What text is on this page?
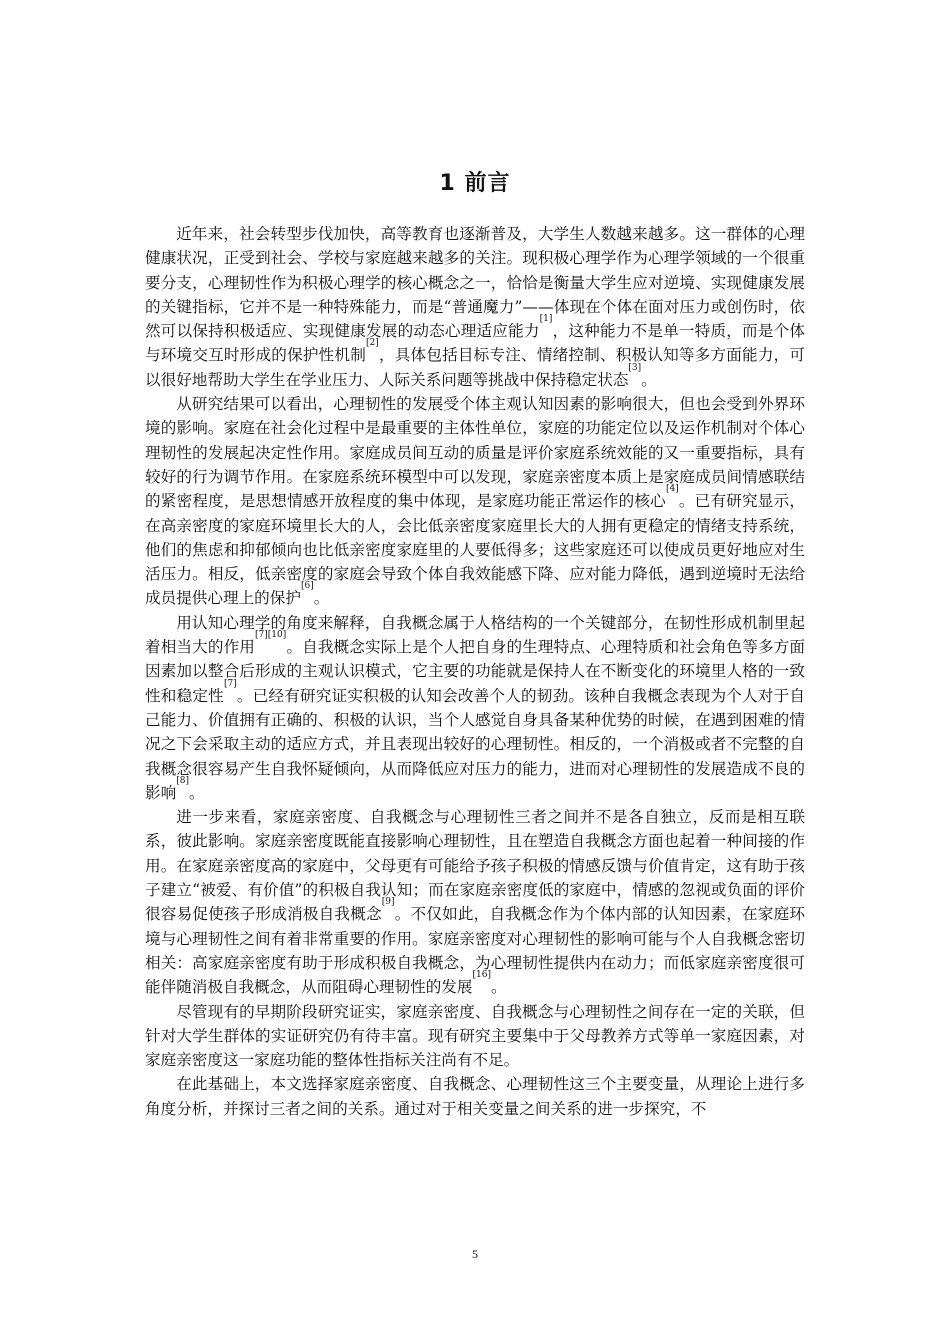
1 前言

近年来，社会转型步伐加快，高等教育也逐渐普及，大学生人数越来越多。这一群体的心理健康状况，正受到社会、学校与家庭越来越多的关注。现积极心理学作为心理学领域的一个很重要分支，心理韧性作为积极心理学的核心概念之一，恰恰是衡量大学生应对逆境、实现健康发展的关键指标，它并不是一种特殊能力，而是“普通魔力”——体现在个体在面对压力或创伤时，依然可以保持积极适应、实现健康发展的动态心理适应能力[1]，这种能力不是单一特质，而是个体与环境交互时形成的保护性机制[2]，具体包括目标专注、情绪控制、积极认知等多方面能力，可以很好地帮助大学生在学业压力、人际关系问题等挑战中保持稳定状态[3]。

从研究结果可以看出，心理韧性的发展受个体主观认知因素的影响很大，但也会受到外界环境的影响。家庭在社会化过程中是最重要的主体性单位，家庭的功能定位以及运作机制对个体心理韧性的发展起决定性作用。家庭成员间互动的质量是评价家庭系统效能的又一重要指标，具有较好的行为调节作用。在家庭系统环模型中可以发现，家庭亲密度本质上是家庭成员间情感联结的紧密程度，是思想情感开放程度的集中体现，是家庭功能正常运作的核心[4]。已有研究显示，在高亲密度的家庭环境里长大的人，会比低亲密度家庭里长大的人拥有更稳定的情绪支持系统，他们的焦虑和抑郁倾向也比低亲密度家庭里的人要低得多；这些家庭还可以使成员更好地应对生活压力。相反，低亲密度的家庭会导致个体自我效能感下降、应对能力降低，遇到逆境时无法给成员提供心理上的保护[6]。

用认知心理学的角度来解释，自我概念属于人格结构的一个关键部分，在韧性形成机制里起着相当大的作用[7][10]。自我概念实际上是个人把自身的生理特点、心理特质和社会角色等多方面因素加以整合后形成的主观认识模式，它主要的功能就是保持人在不断变化的环境里人格的一致性和稳定性[7]。已经有研究证实积极的认知会改善个人的韧劲。该种自我概念表现为个人对于自己能力、价值拥有正确的、积极的认识，当个人感觉自身具备某种优势的时候，在遇到困难的情况之下会采取主动的适应方式，并且表现出较好的心理韧性。相反的，一个消极或者不完整的自我概念很容易产生自我怀疑倾向，从而降低应对压力的能力，进而对心理韧性的发展造成不良的影响[8]。

进一步来看，家庭亲密度、自我概念与心理韧性三者之间并不是各自独立，反而是相互联系，彼此影响。家庭亲密度既能直接影响心理韧性，且在塑造自我概念方面也起着一种间接的作用。在家庭亲密度高的家庭中，父母更有可能给予孩子积极的情感反馈与价值肯定，这有助于孩子建立“被爱、有价值”的积极自我认知；而在家庭亲密度低的家庭中，情感的忽视或负面的评价很容易促使孩子形成消极自我概念[9]。不仅如此，自我概念作为个体内部的认知因素，在家庭环境与心理韧性之间有着非常重要的作用。家庭亲密度对心理韧性的影响可能与个人自我概念密切相关：高家庭亲密度有助于形成积极自我概念，为心理韧性提供内在动力；而低家庭亲密度很可能伴随消极自我概念，从而阻碍心理韧性的发展[16]。

尽管现有的早期阶段研究证实，家庭亲密度、自我概念与心理韧性之间存在一定的关联，但针对大学生群体的实证研究仍有待丰富。现有研究主要集中于父母教养方式等单一家庭因素，对家庭亲密度这一家庭功能的整体性指标关注尚有不足。

在此基础上，本文选择家庭亲密度、自我概念、心理韧性这三个主要变量，从理论上进行多角度分析，并探讨三者之间的关系。通过对于相关变量之间关系的进一步探究，不

5
